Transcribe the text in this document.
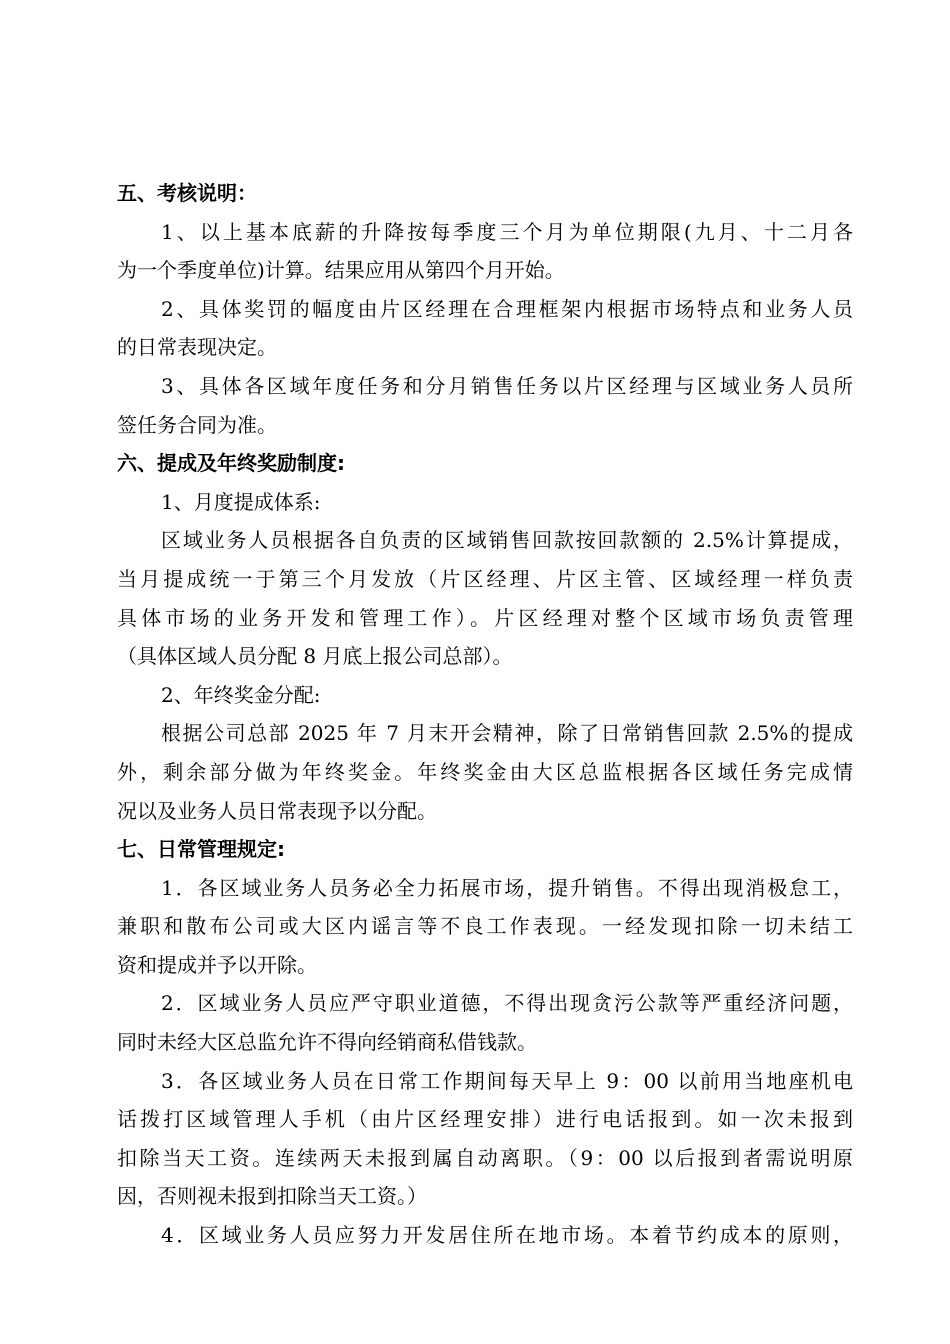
五、考核说明：
1、以上基本底薪的升降按每季度三个月为单位期限(九月、十二月各
为一个季度单位)计算。结果应用从第四个月开始。
2、具体奖罚的幅度由片区经理在合理框架内根据市场特点和业务人员
的日常表现决定。
3、具体各区域年度任务和分月销售任务以片区经理与区域业务人员所
签任务合同为准。
六、提成及年终奖励制度:
1、月度提成体系:
区域业务人员根据各自负责的区域销售回款按回款额的 2.5%计算提成，
当月提成统一于第三个月发放（片区经理、片区主管、区域经理一样负责
具体市场的业务开发和管理工作）。片区经理对整个区域市场负责管理
（具体区域人员分配 8 月底上报公司总部）。
2、年终奖金分配:
根据公司总部 2025 年 7 月末开会精神，除了日常销售回款 2.5%的提成
外，剩余部分做为年终奖金。年终奖金由大区总监根据各区域任务完成情
况以及业务人员日常表现予以分配。
七、日常管理规定:
1．各区域业务人员务必全力拓展市场，提升销售。不得出现消极怠工，
兼职和散布公司或大区内谣言等不良工作表现。一经发现扣除一切未结工
资和提成并予以开除。
2．区域业务人员应严守职业道德，不得出现贪污公款等严重经济问题，
同时未经大区总监允许不得向经销商私借钱款。
3．各区域业务人员在日常工作期间每天早上 9：00 以前用当地座机电
话拨打区域管理人手机（由片区经理安排）进行电话报到。如一次未报到
扣除当天工资。连续两天未报到属自动离职。（9：00 以后报到者需说明原
因，否则视未报到扣除当天工资。）
4．区域业务人员应努力开发居住所在地市场。本着节约成本的原则，
